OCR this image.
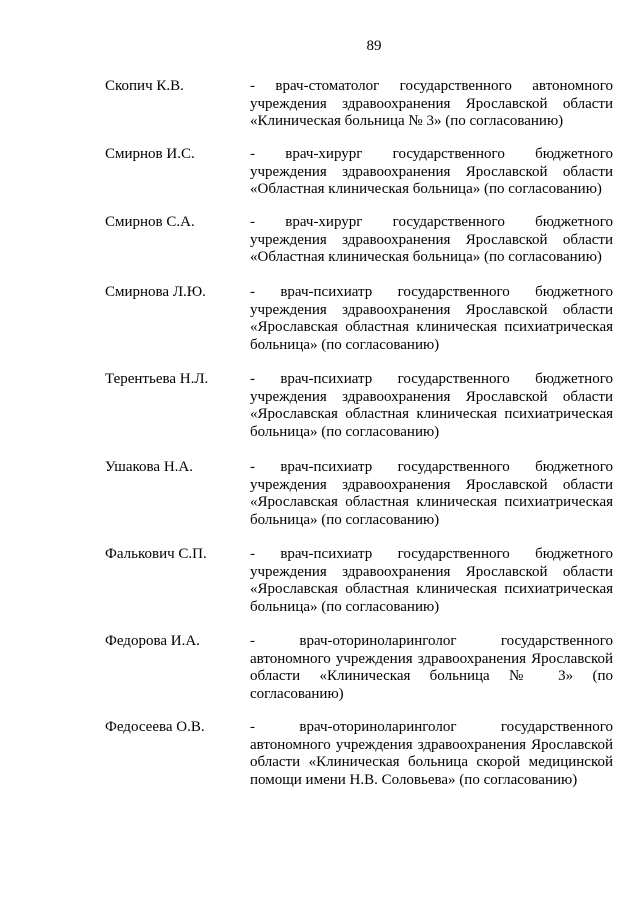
89
Скопич К.В.	- врач-стоматолог государственного автономного учреждения здравоохранения Ярославской области «Клиническая больница № 3» (по согласованию)
Смирнов И.С.	- врач-хирург государственного бюджетного учреждения здравоохранения Ярославской области «Областная клиническая больница» (по согласованию)
Смирнов С.А.	- врач-хирург государственного бюджетного учреждения здравоохранения Ярославской области «Областная клиническая больница» (по согласованию)
Смирнова Л.Ю.	- врач-психиатр государственного бюджетного учреждения здравоохранения Ярославской области «Ярославская областная клиническая психиатрическая больница» (по согласованию)
Терентьева Н.Л.	- врач-психиатр государственного бюджетного учреждения здравоохранения Ярославской области «Ярославская областная клиническая психиатрическая больница» (по согласованию)
Ушакова Н.А.	- врач-психиатр государственного бюджетного учреждения здравоохранения Ярославской области «Ярославская областная клиническая психиатрическая больница» (по согласованию)
Фалькович С.П.	- врач-психиатр государственного бюджетного учреждения здравоохранения Ярославской области «Ярославская областная клиническая психиатрическая больница» (по согласованию)
Федорова И.А.	- врач-оториноларинголог государственного автономного учреждения здравоохранения Ярославской области «Клиническая больница № 3» (по согласованию)
Федосеева О.В.	- врач-оториноларинголог государственного автономного учреждения здравоохранения Ярославской области «Клиническая больница скорой медицинской помощи имени Н.В. Соловьева» (по согласованию)
